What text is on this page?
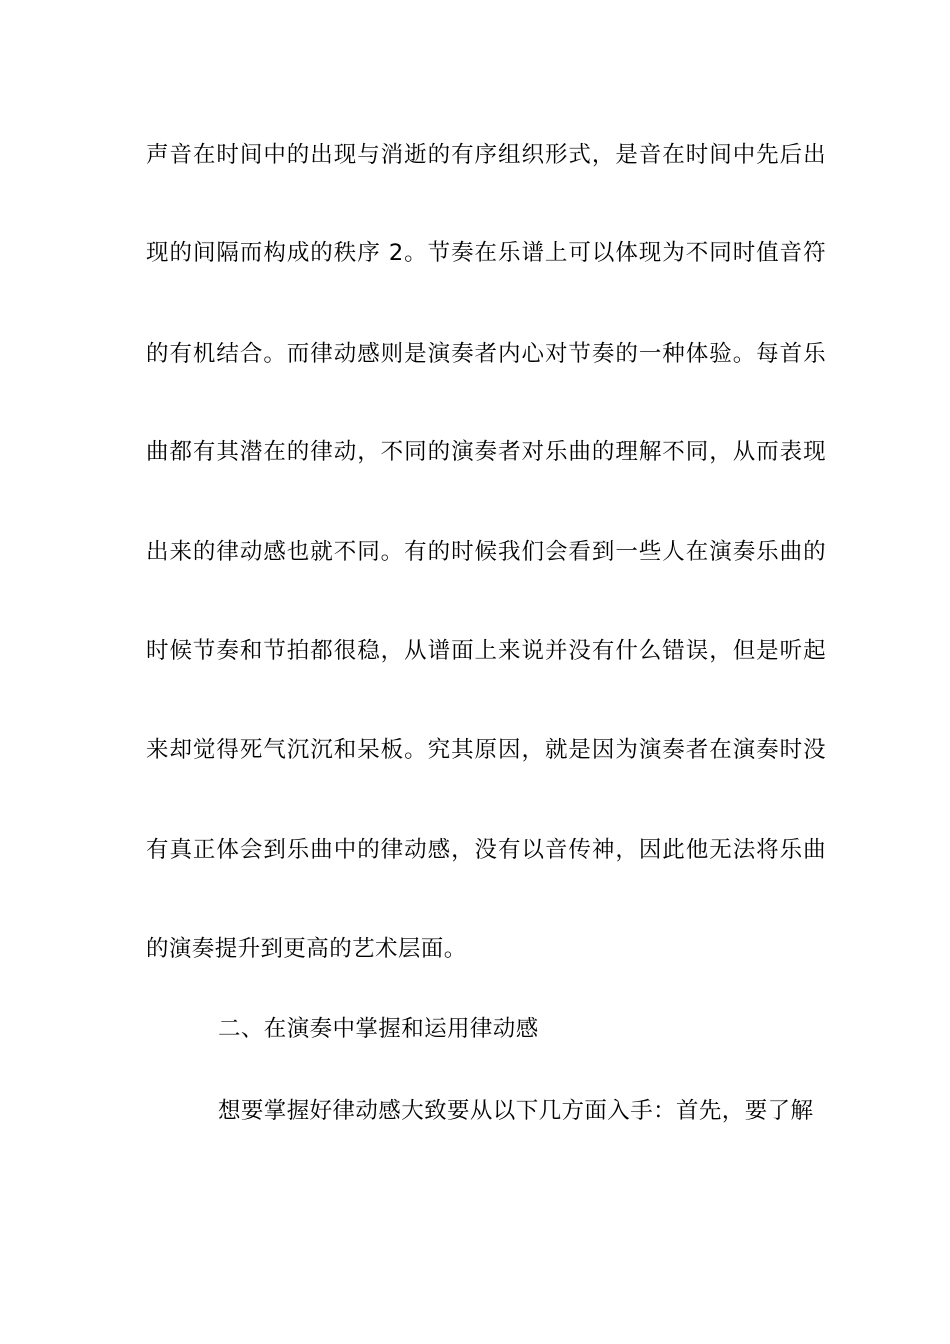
声音在时间中的出现与消逝的有序组织形式，是音在时间中先后出
现的间隔而构成的秩序 2。节奏在乐谱上可以体现为不同时值音符
的有机结合。而律动感则是演奏者内心对节奏的一种体验。每首乐
曲都有其潜在的律动，不同的演奏者对乐曲的理解不同，从而表现
出来的律动感也就不同。有的时候我们会看到一些人在演奏乐曲的
时候节奏和节拍都很稳，从谱面上来说并没有什么错误，但是听起
来却觉得死气沉沉和呆板。究其原因，就是因为演奏者在演奏时没
有真正体会到乐曲中的律动感，没有以音传神，因此他无法将乐曲
的演奏提升到更高的艺术层面。
二、在演奏中掌握和运用律动感
想要掌握好律动感大致要从以下几方面入手：首先，要了解
